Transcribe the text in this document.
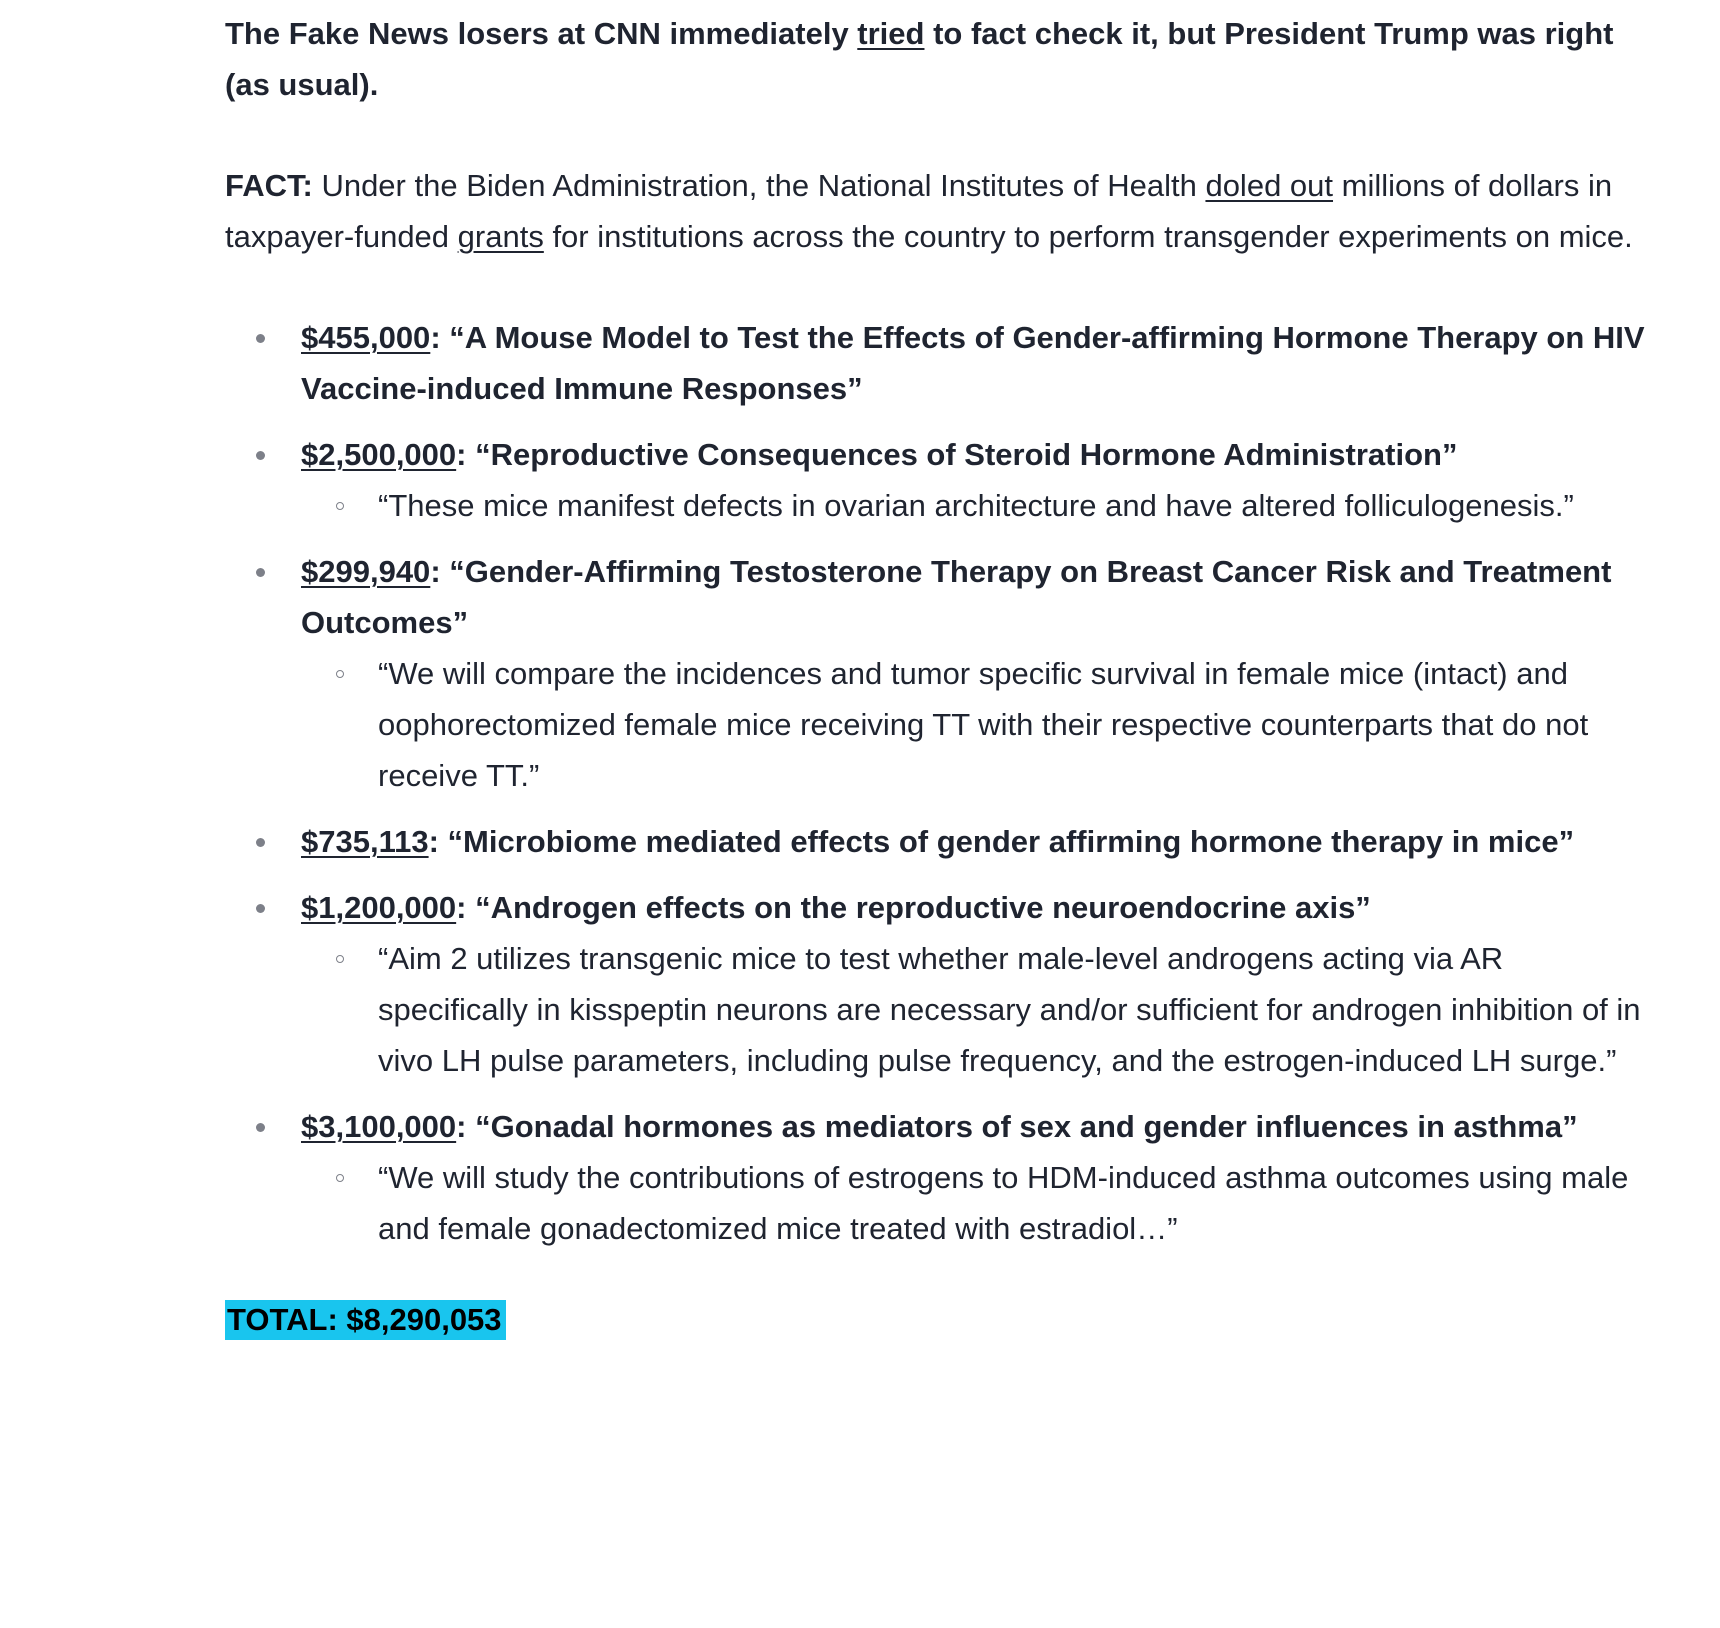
The Fake News losers at CNN immediately tried to fact check it, but President Trump was right (as usual).

FACT: Under the Biden Administration, the National Institutes of Health doled out millions of dollars in taxpayer-funded grants for institutions across the country to perform transgender experiments on mice.

$455,000: “A Mouse Model to Test the Effects of Gender-affirming Hormone Therapy on HIV Vaccine-induced Immune Responses”
$2,500,000: “Reproductive Consequences of Steroid Hormone Administration”
“These mice manifest defects in ovarian architecture and have altered folliculogenesis.”
$299,940: “Gender-Affirming Testosterone Therapy on Breast Cancer Risk and Treatment Outcomes”
“We will compare the incidences and tumor specific survival in female mice (intact) and oophorectomized female mice receiving TT with their respective counterparts that do not receive TT.”
$735,113: “Microbiome mediated effects of gender affirming hormone therapy in mice”
$1,200,000: “Androgen effects on the reproductive neuroendocrine axis”
“Aim 2 utilizes transgenic mice to test whether male-level androgens acting via AR specifically in kisspeptin neurons are necessary and/or sufficient for androgen inhibition of in vivo LH pulse parameters, including pulse frequency, and the estrogen-induced LH surge.”
$3,100,000: “Gonadal hormones as mediators of sex and gender influences in asthma”
“We will study the contributions of estrogens to HDM-induced asthma outcomes using male and female gonadectomized mice treated with estradiol…”
TOTAL: $8,290,053
